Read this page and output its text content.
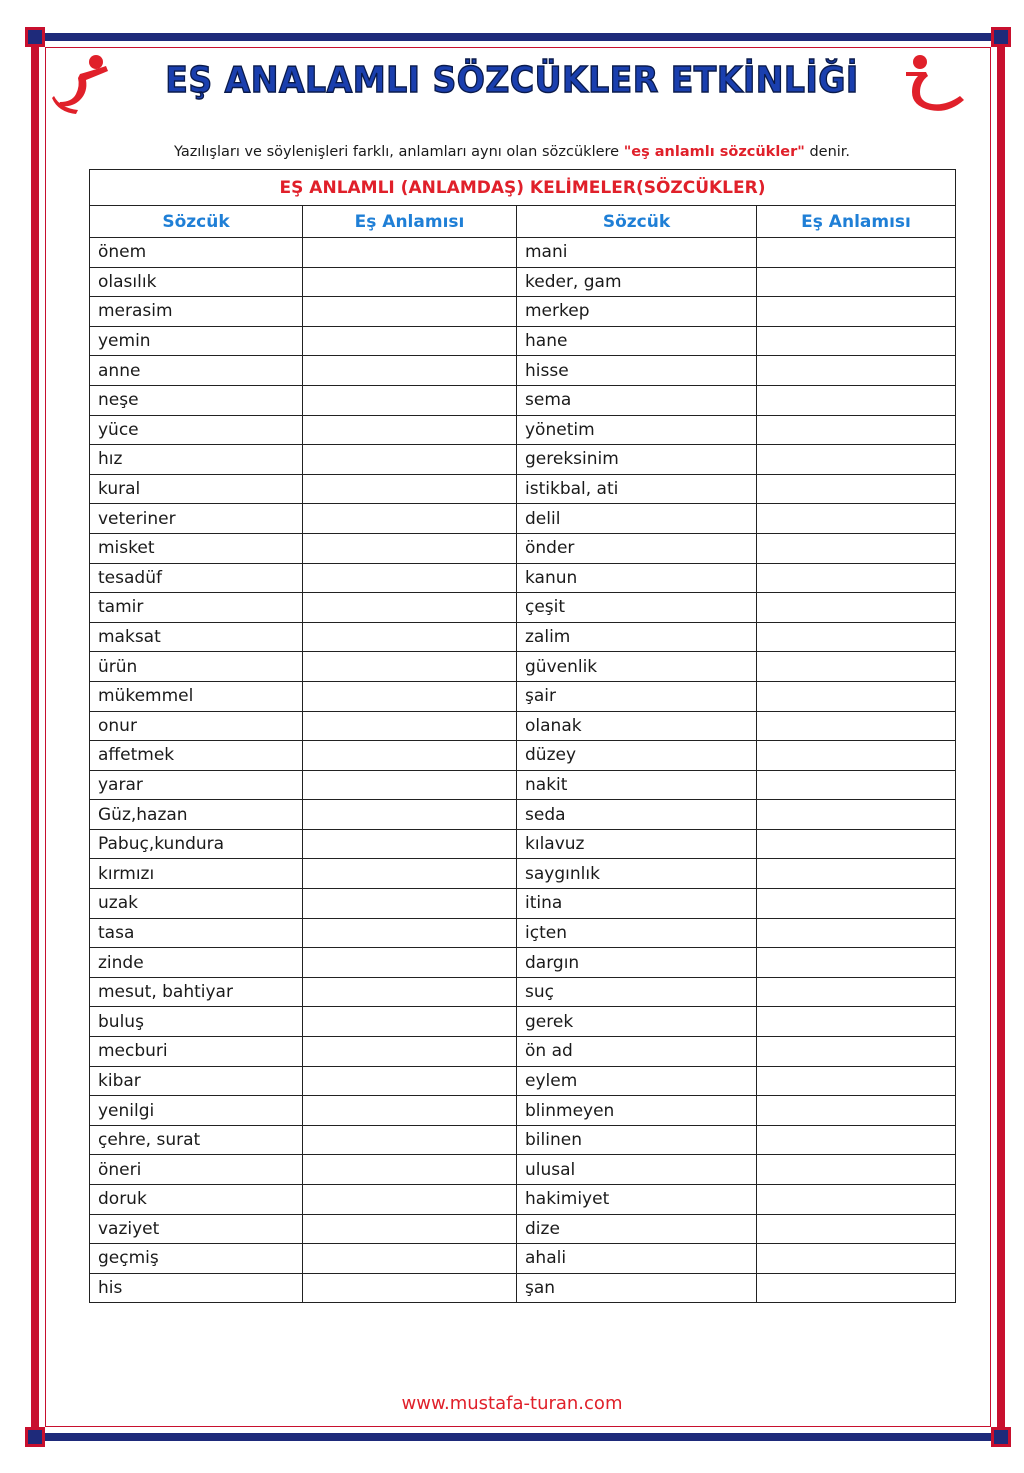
EŞ ANALAMLI SÖZCÜKLER ETKİNLİĞİ
Yazılışları ve söylenişleri farklı, anlamları aynı olan sözcüklere "eş anlamlı sözcükler" denir.
EŞ ANLAMLI (ANLAMDAŞ) KELİMELER(SÖZCÜKLER)			
Sözcük	Eş Anlamısı	Sözcük	Eş Anlamısı
önem		mani	
olasılık		keder, gam	
merasim		merkep	
yemin		hane	
anne		hisse	
neşe		sema	
yüce		yönetim	
hız		gereksinim	
kural		istikbal, ati	
veteriner		delil	
misket		önder	
tesadüf		kanun	
tamir		çeşit	
maksat		zalim	
ürün		güvenlik	
mükemmel		şair	
onur		olanak	
affetmek		düzey	
yarar		nakit	
Güz,hazan		seda	
Pabuç,kundura		kılavuz	
kırmızı		saygınlık	
uzak		itina	
tasa		içten	
zinde		dargın	
mesut, bahtiyar		suç	
buluş		gerek	
mecburi		ön ad	
kibar		eylem	
yenilgi		blinmeyen	
çehre, surat		bilinen	
öneri		ulusal	
doruk		hakimiyet	
vaziyet		dize	
geçmiş		ahali	
his		şan	
www.mustafa-turan.com
